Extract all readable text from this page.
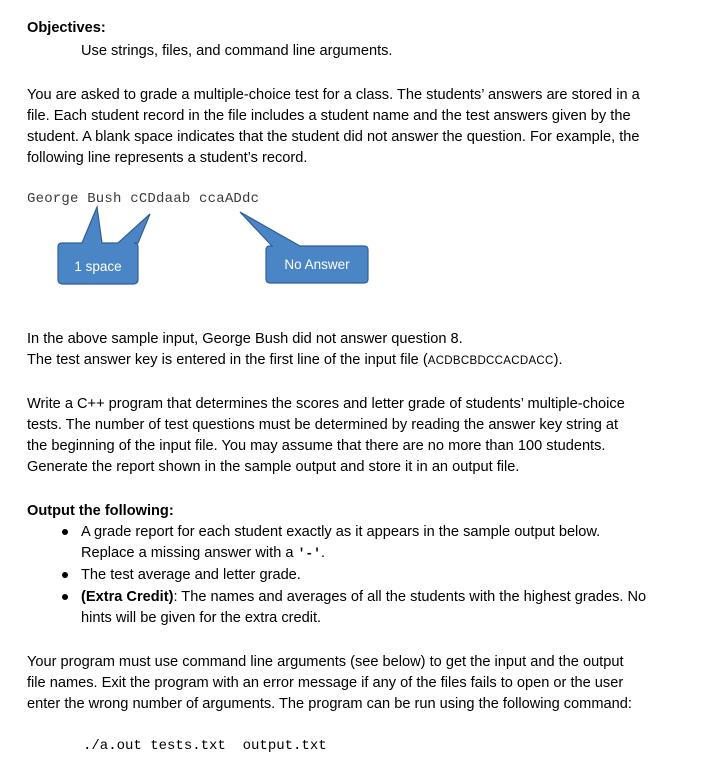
Objectives:
Use strings, files, and command line arguments.
You are asked to grade a multiple-choice test for a class. The students’ answers are stored in a
file. Each student record in the file includes a student name and the test answers given by the
student. A blank space indicates that the student did not answer the question. For example, the
following line represents a student’s record.
George Bush cCDdaab ccaADdc
1 space	No Answer
In the above sample input, George Bush did not answer question 8.
The test answer key is entered in the first line of the input file (ACDBCBDCCACDACC).
Write a C++ program that determines the scores and letter grade of students’ multiple-choice
tests. The number of test questions must be determined by reading the answer key string at
the beginning of the input file. You may assume that there are no more than 100 students.
Generate the report shown in the sample output and store it in an output file.
Output the following:
A grade report for each student exactly as it appears in the sample output below.
Replace a missing answer with a '-'.
The test average and letter grade.
(Extra Credit): The names and averages of all the students with the highest grades. No
hints will be given for the extra credit.
Your program must use command line arguments (see below) to get the input and the output
file names. Exit the program with an error message if any of the files fails to open or the user
enter the wrong number of arguments. The program can be run using the following command:
./a.out tests.txt  output.txt
